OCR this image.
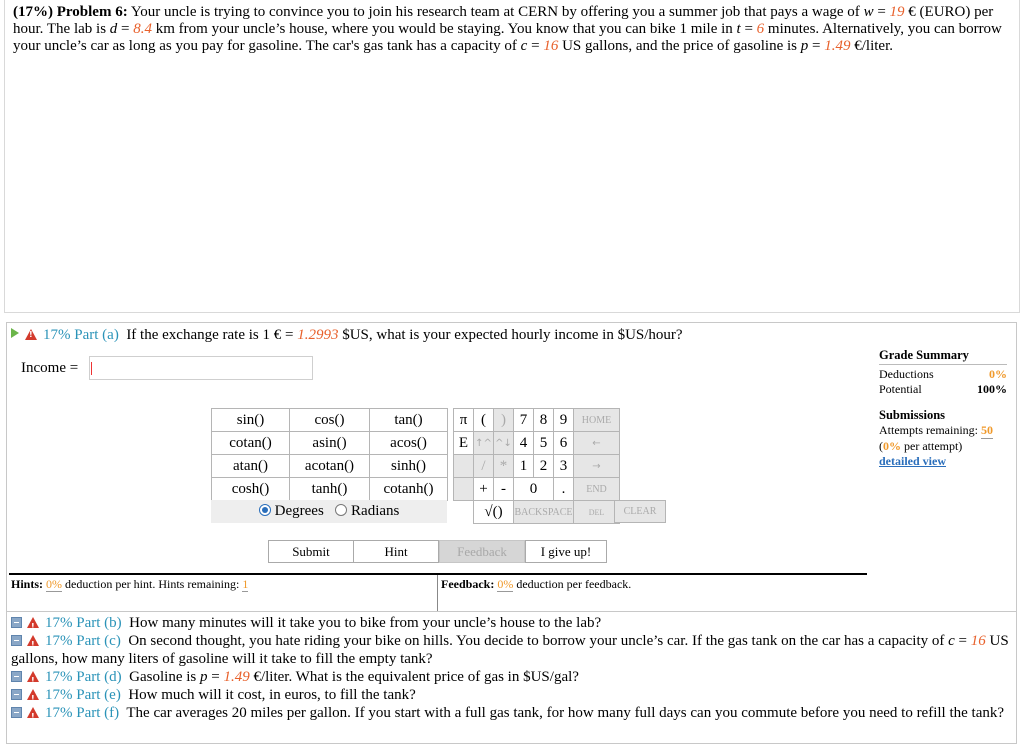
(17%) Problem 6: Your uncle is trying to convince you to join his research team at CERN by offering you a summer job that pays a wage of w = 19 € (EURO) per hour. The lab is d = 8.4 km from your uncle’s house, where you would be staying. You know that you can bike 1 mile in t = 6 minutes. Alternatively, you can borrow your uncle’s car as long as you pay for gasoline. The car's gas tank has a capacity of c = 16 US gallons, and the price of gasoline is p = 1.49 €/liter.
!17% Part (a) If the exchange rate is 1 € = 1.2993 $US, what is your expected hourly income in $US/hour?
Income =
Grade Summary
Deductions	0%
Potential	100%
Submissions
Attempts remaining: 50
(0% per attempt)
detailed view
sin()	cos()	tan()
cotan()	asin()	acos()
atan()	acotan()	sinh()
cosh()	tanh()	cotanh()
Degrees Radians
π	(	)	7	8	9	HOME
E	↑^	^↓	4	5	6	←
	/	*	1	2	3	→
	+	-	0		.	END
	√()		BACKSPACE			DEL	CLEAR
Submit	Hint	Feedback	I give up!
Hints: 0% deduction per hint. Hints remaining: 1	Feedback: 0% deduction per feedback.
!17% Part (b) How many minutes will it take you to bike from your uncle’s house to the lab?
!17% Part (c) On second thought, you hate riding your bike on hills. You decide to borrow your uncle’s car. If the gas tank on the car has a capacity of c = 16 US gallons, how many liters of gasoline will it take to fill the empty tank?
!17% Part (d) Gasoline is p = 1.49 €/liter. What is the equivalent price of gas in $US/gal?
!17% Part (e) How much will it cost, in euros, to fill the tank?
!17% Part (f) The car averages 20 miles per gallon. If you start with a full gas tank, for how many full days can you commute before you need to refill the tank?
